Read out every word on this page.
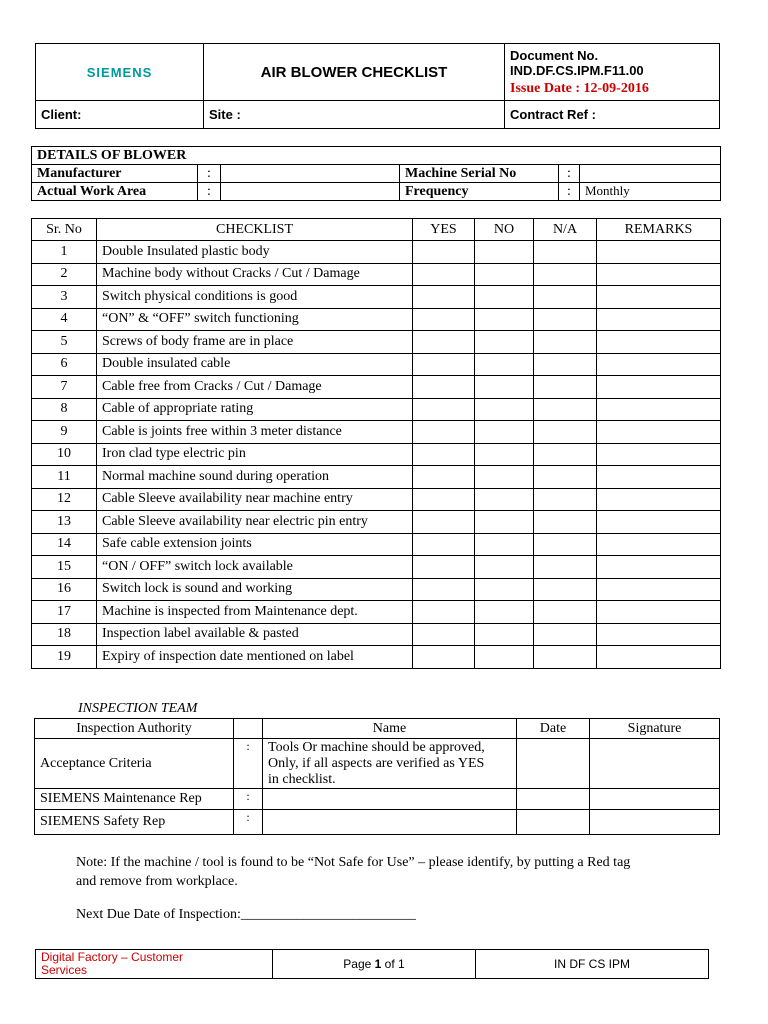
SIEMENS	AIR BLOWER CHECKLIST	Document No.
IND.DF.CS.IPM.F11.00
Issue Date : 12-09-2016

Client:	Site :	Contract Ref :
DETAILS OF BLOWER					
Manufacturer	:		Machine Serial No	:	
Actual Work Area	:		Frequency	:	Monthly
Sr. No	CHECKLIST	YES	NO	N/A	REMARKS
1	Double Insulated plastic body				
2	Machine body without Cracks / Cut / Damage				
3	Switch physical conditions is good				
4	“ON” & “OFF” switch functioning				
5	Screws of body frame are in place				
6	Double insulated cable				
7	Cable free from Cracks / Cut / Damage				
8	Cable of appropriate rating				
9	Cable is joints free within 3 meter distance				
10	Iron clad type electric pin				
11	Normal machine sound during operation				
12	Cable Sleeve availability near machine entry				
13	Cable Sleeve availability near electric pin entry				
14	Safe cable extension joints				
15	“ON / OFF” switch lock available				
16	Switch lock is sound and working				
17	Machine is inspected from Maintenance dept.				
18	Inspection label available & pasted				
19	Expiry of inspection date mentioned on label				
INSPECTION TEAM
Inspection Authority		Name	Date	Signature
Acceptance Criteria	:	Tools Or machine should be approved,
Only, if all aspects are verified as YES
in checklist.		

SIEMENS Maintenance Rep	:			
SIEMENS Safety Rep	:			
Note: If the machine / tool is found to be “Not Safe for Use” – please identify, by putting a Red tag
and remove from workplace.
Next Due Date of Inspection:_________________________
Digital Factory – Customer
Services	Page 1 of 1	IN DF CS IPM
